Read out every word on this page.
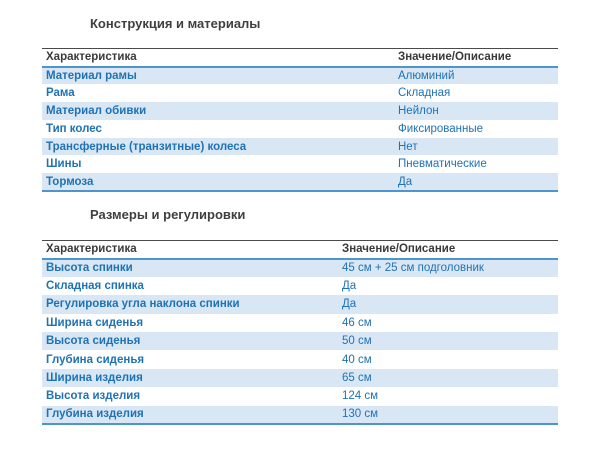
Конструкция и материалы
Характеристика	Значение/Описание
Материал рамы	Алюминий
Рама	Складная
Материал обивки	Нейлон
Тип колес	Фиксированные
Трансферные (транзитные) колеса	Нет
Шины	Пневматические
Тормоза	Да
Размеры и регулировки
Характеристика	Значение/Описание
Высота спинки	45 см + 25 см подголовник
Складная спинка	Да
Регулировка угла наклона спинки	Да
Ширина сиденья	46 см
Высота сиденья	50 см
Глубина сиденья	40 см
Ширина изделия	65 см
Высота изделия	124 см
Глубина изделия	130 см
